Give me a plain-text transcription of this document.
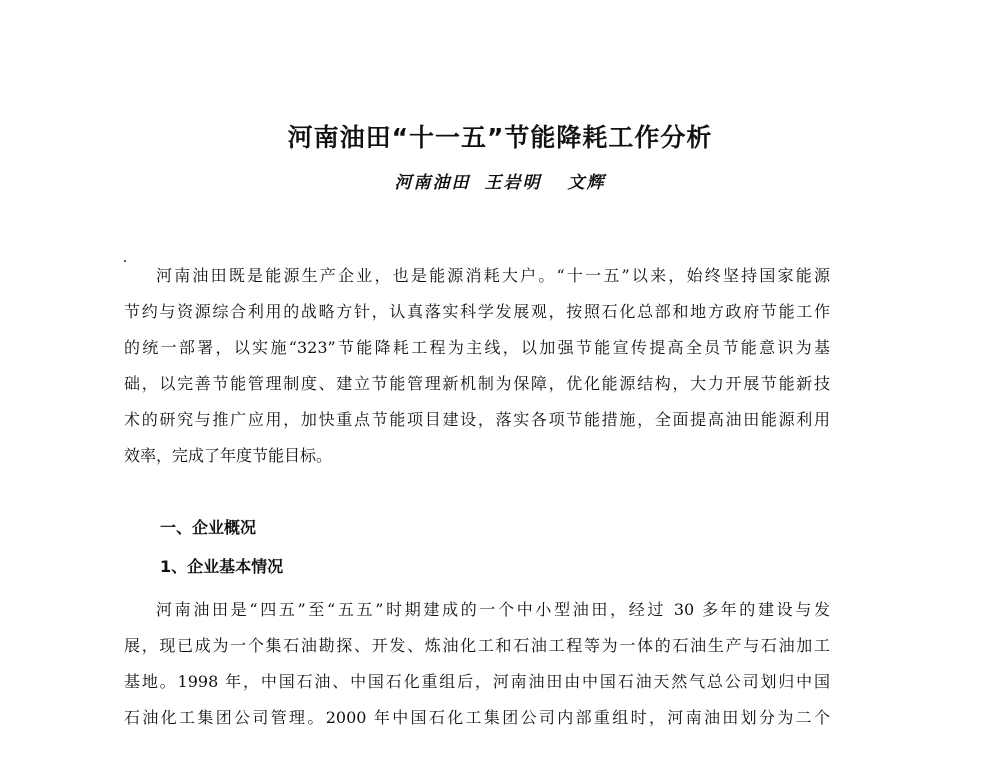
河南油田“十一五”节能降耗工作分析
河南油田 王岩明 文辉
河南油田既是能源生产企业，也是能源消耗大户。“十一五”以来，始终坚持国家能源
节约与资源综合利用的战略方针，认真落实科学发展观，按照石化总部和地方政府节能工作
的统一部署，以实施“323”节能降耗工程为主线，以加强节能宣传提高全员节能意识为基
础，以完善节能管理制度、建立节能管理新机制为保障，优化能源结构，大力开展节能新技
术的研究与推广应用，加快重点节能项目建设，落实各项节能措施，全面提高油田能源利用
效率，完成了年度节能目标。
一、企业概况
1、企业基本情况
河南油田是“四五”至“五五”时期建成的一个中小型油田，经过 30 多年的建设与发
展，现已成为一个集石油勘探、开发、炼油化工和石油工程等为一体的石油生产与石油加工
基地。1998 年，中国石油、中国石化重组后，河南油田由中国石油天然气总公司划归中国
石油化工集团公司管理。2000 年中国石化工集团公司内部重组时，河南油田划分为二个
